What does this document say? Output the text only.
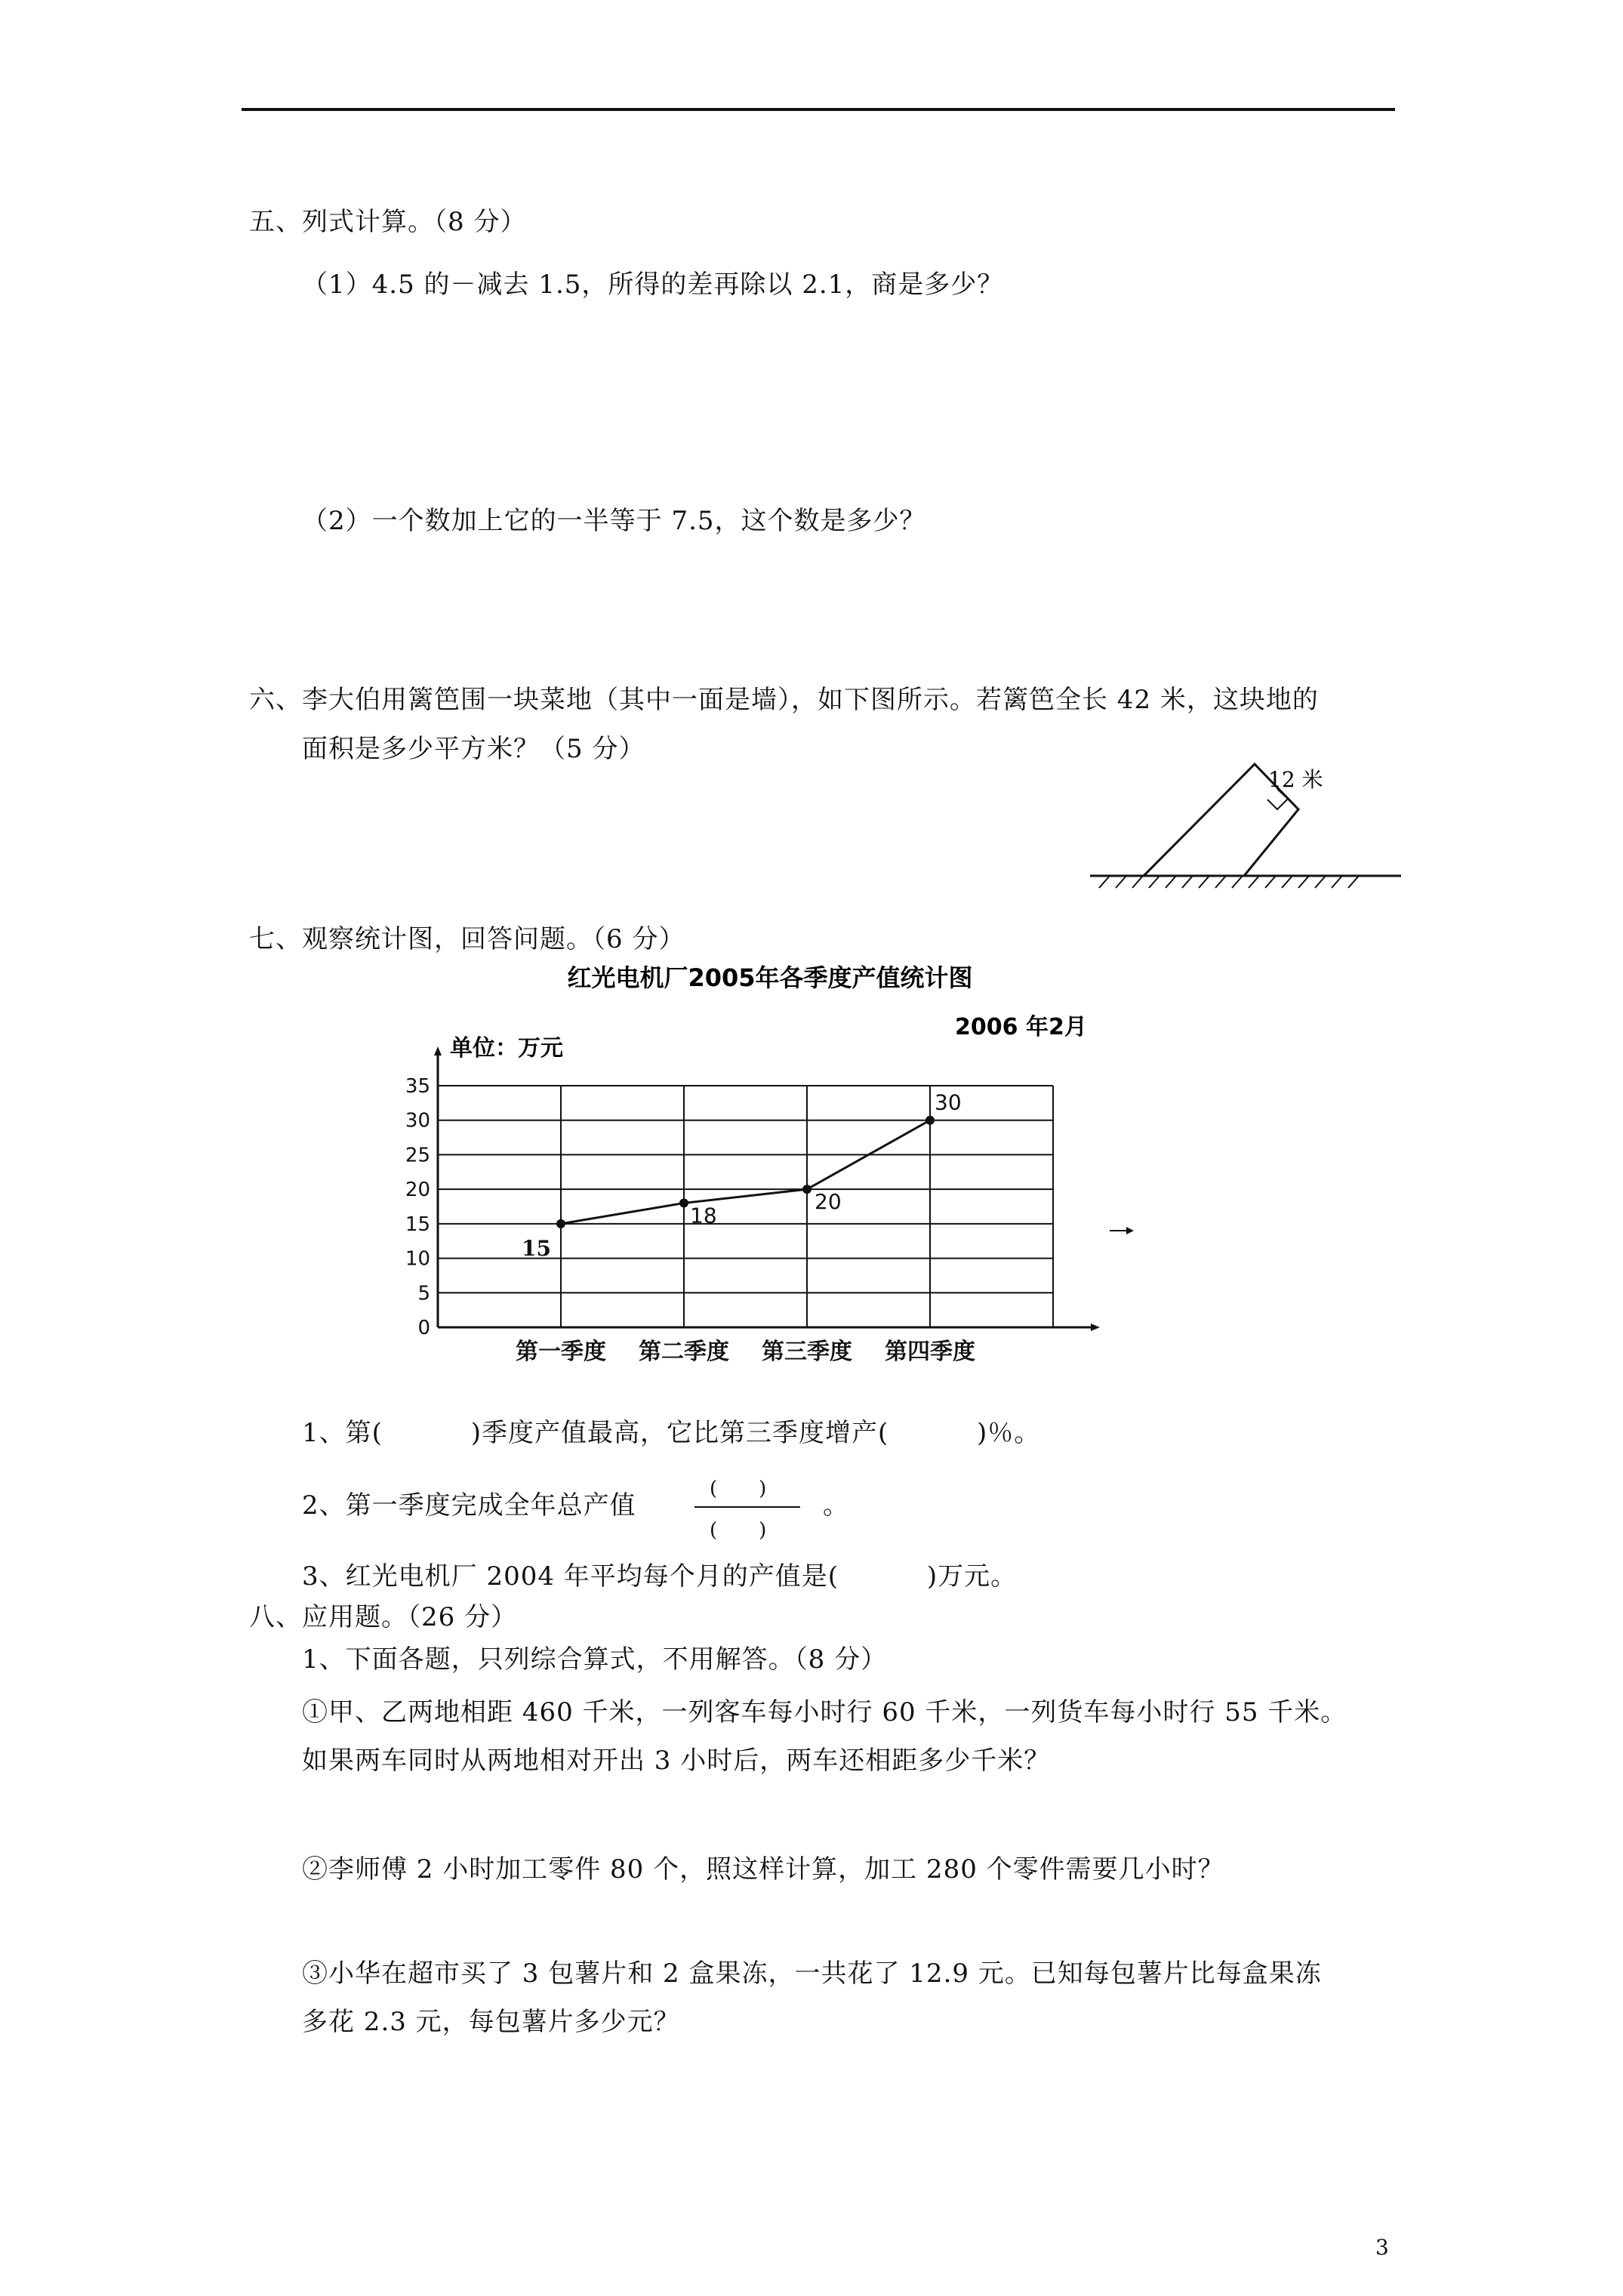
五、列式计算。（8 分）
（1）4.5 的－减去 1.5，所得的差再除以 2.1，商是多少？
（2）一个数加上它的一半等于 7.5，这个数是多少？
六、李大伯用篱笆围一块菜地（其中一面是墙），如下图所示。若篱笆全长 42 米，这块地的
面积是多少平方米？（5 分）
12 米
七、观察统计图，回答问题。（6 分）
红光电机厂2005年各季度产值统计图
2006 年2月
单位：万元
0
5
10
15
20
25
30
35
第一季度 第二季度 第三季度 第四季度
15
18
20
30
1、第(　　　 )季度产值最高，它比第三季度增产(　　　 )％。
2、第一季度完成全年总产值
(　　)
(　　)
。
3、红光电机厂 2004 年平均每个月的产值是(　　　 )万元。
八、应用题。（26 分）
1、下面各题，只列综合算式，不用解答。（8 分）
①甲、乙两地相距 460 千米，一列客车每小时行 60 千米，一列货车每小时行 55 千米。
如果两车同时从两地相对开出 3 小时后，两车还相距多少千米？
②李师傅 2 小时加工零件 80 个，照这样计算，加工 280 个零件需要几小时？
③小华在超市买了 3 包薯片和 2 盒果冻，一共花了 12.9 元。已知每包薯片比每盒果冻
多花 2.3 元，每包薯片多少元？
3
